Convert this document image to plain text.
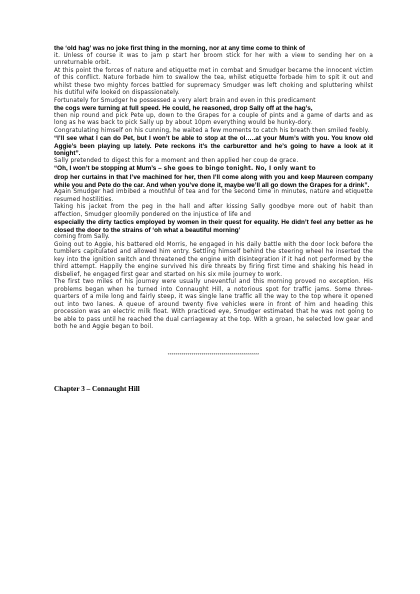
the ‘old hag’ was no joke first thing in the morning, nor at any time come to think of

it. Unless of course it was to jam p start her broom stick for her with a view to sending her on a unreturnable orbit.

At this point the forces of nature and etiquette met in combat and Smudger became the innocent victim of this conflict. Nature forbade him to swallow the tea, whilst etiquette forbade him to spit it out and whilst these two mighty forces battled for supremacy Smudger was left choking and spluttering whilst his dutiful wife looked on dispassionately.

Fortunately for Smudger he possessed a very alert brain and even in this predicament

the cogs were turning at full speed. He could, he reasoned, drop Sally off at the hag’s,

then nip round and pick Pete up, down to the Grapes for a couple of pints and a game of darts and as long as he was back to pick Sally up by about 10pm everything would be hunky-dory.

Congratulating himself on his cunning, he waited a few moments to catch his breath then smiled feebly.

“I’ll see what I can do Pet, but I won’t be able to stop at the ol…..at your Mum’s with you. You know old Aggie’s been playing up lately. Pete reckons it’s the carburettor and he’s going to have a look at it tonight”.

Sally pretended to digest this for a moment and then applied her coup de grace.

“Oh, I won’t be stopping at Mum’s – she goes to bingo tonight. No, I only want to

drop her curtains in that I’ve machined for her, then I’ll come along with you and keep Maureen company while you and Pete do the car. And when you’ve done it, maybe we’ll all go down the Grapes for a drink”.

Again Smudger had imbibed a mouthful of tea and for the second time in minutes, nature and etiquette resumed hostilities.

Taking his jacket from the peg in the hall and after kissing Sally goodbye more out of habit than affection, Smudger gloomily pondered on the injustice of life and

especially the dirty tactics employed by women in their quest for equality. He didn’t feel any better as he closed the door to the strains of ‘oh what a beautiful morning’

coming from Sally.

Going out to Aggie, his battered old Morris, he engaged in his daily battle with the door lock before the tumblers capitulated and allowed him entry. Settling himself behind the steering wheel he inserted the key into the ignition switch and threatened the engine with disintegration if it had not performed by the third attempt. Happily the engine survived his dire threats by firing first time and shaking his head in disbelief, he engaged first gear and started on his six mile journey to work.

The first two miles of his journey were usually uneventful and this morning proved no exception. His problems began when he turned into Connaught Hill, a notorious spot for traffic jams. Some three-quarters of a mile long and fairly steep, it was single lane traffic all the way to the top where it opened out into two lanes. A queue of around twenty five vehicles were in front of him and heading this procession was an electric milk float. With practiced eye, Smudger estimated that he was not going to be able to pass until he reached the dual carriageway at the top. With a groan, he selected low gear and both he and Aggie began to boil.

**********************************************
Chapter 3 – Connaught Hill
